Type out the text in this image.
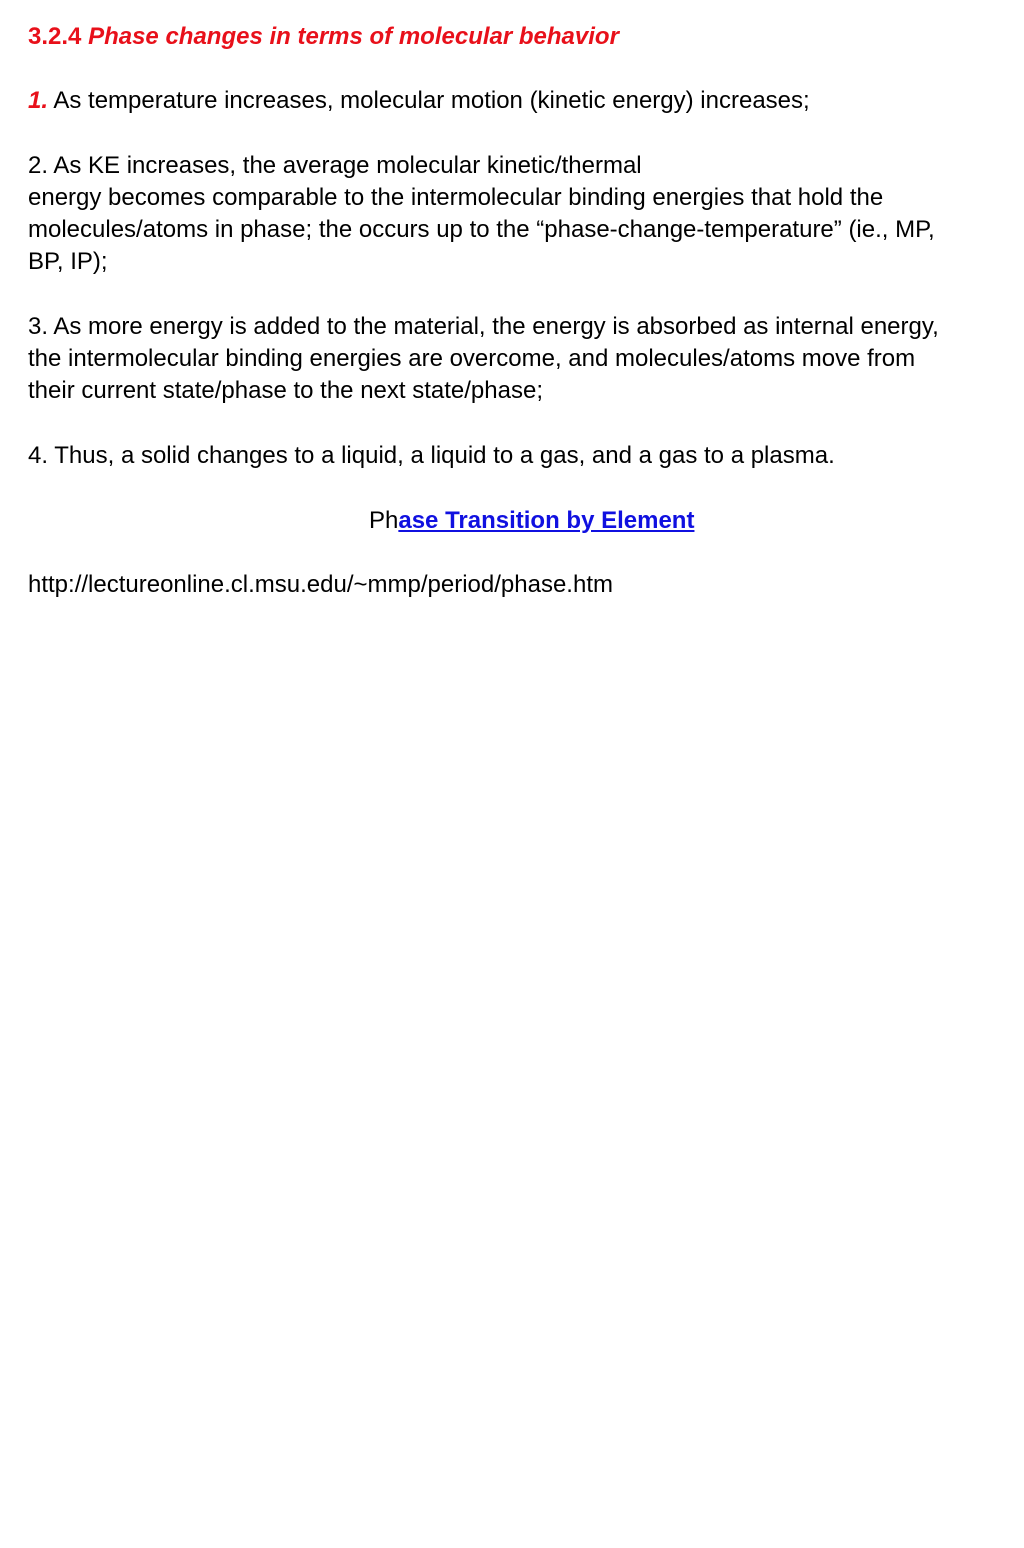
3.2.4 Phase changes in terms of molecular behavior
1. As temperature increases, molecular motion (kinetic energy) increases;
2. As KE increases, the average molecular kinetic/thermal
energy becomes comparable to the intermolecular binding energies that hold the
molecules/atoms in phase; the occurs up to the “phase-change-temperature” (ie., MP,
BP, IP);
3. As more energy is added to the material, the energy is absorbed as internal energy,
the intermolecular binding energies are overcome, and molecules/atoms move from
their current state/phase to the next state/phase;
4. Thus, a solid changes to a liquid, a liquid to a gas, and a gas to a plasma.
Phase Transition by Element
http://lectureonline.cl.msu.edu/~mmp/period/phase.htm
